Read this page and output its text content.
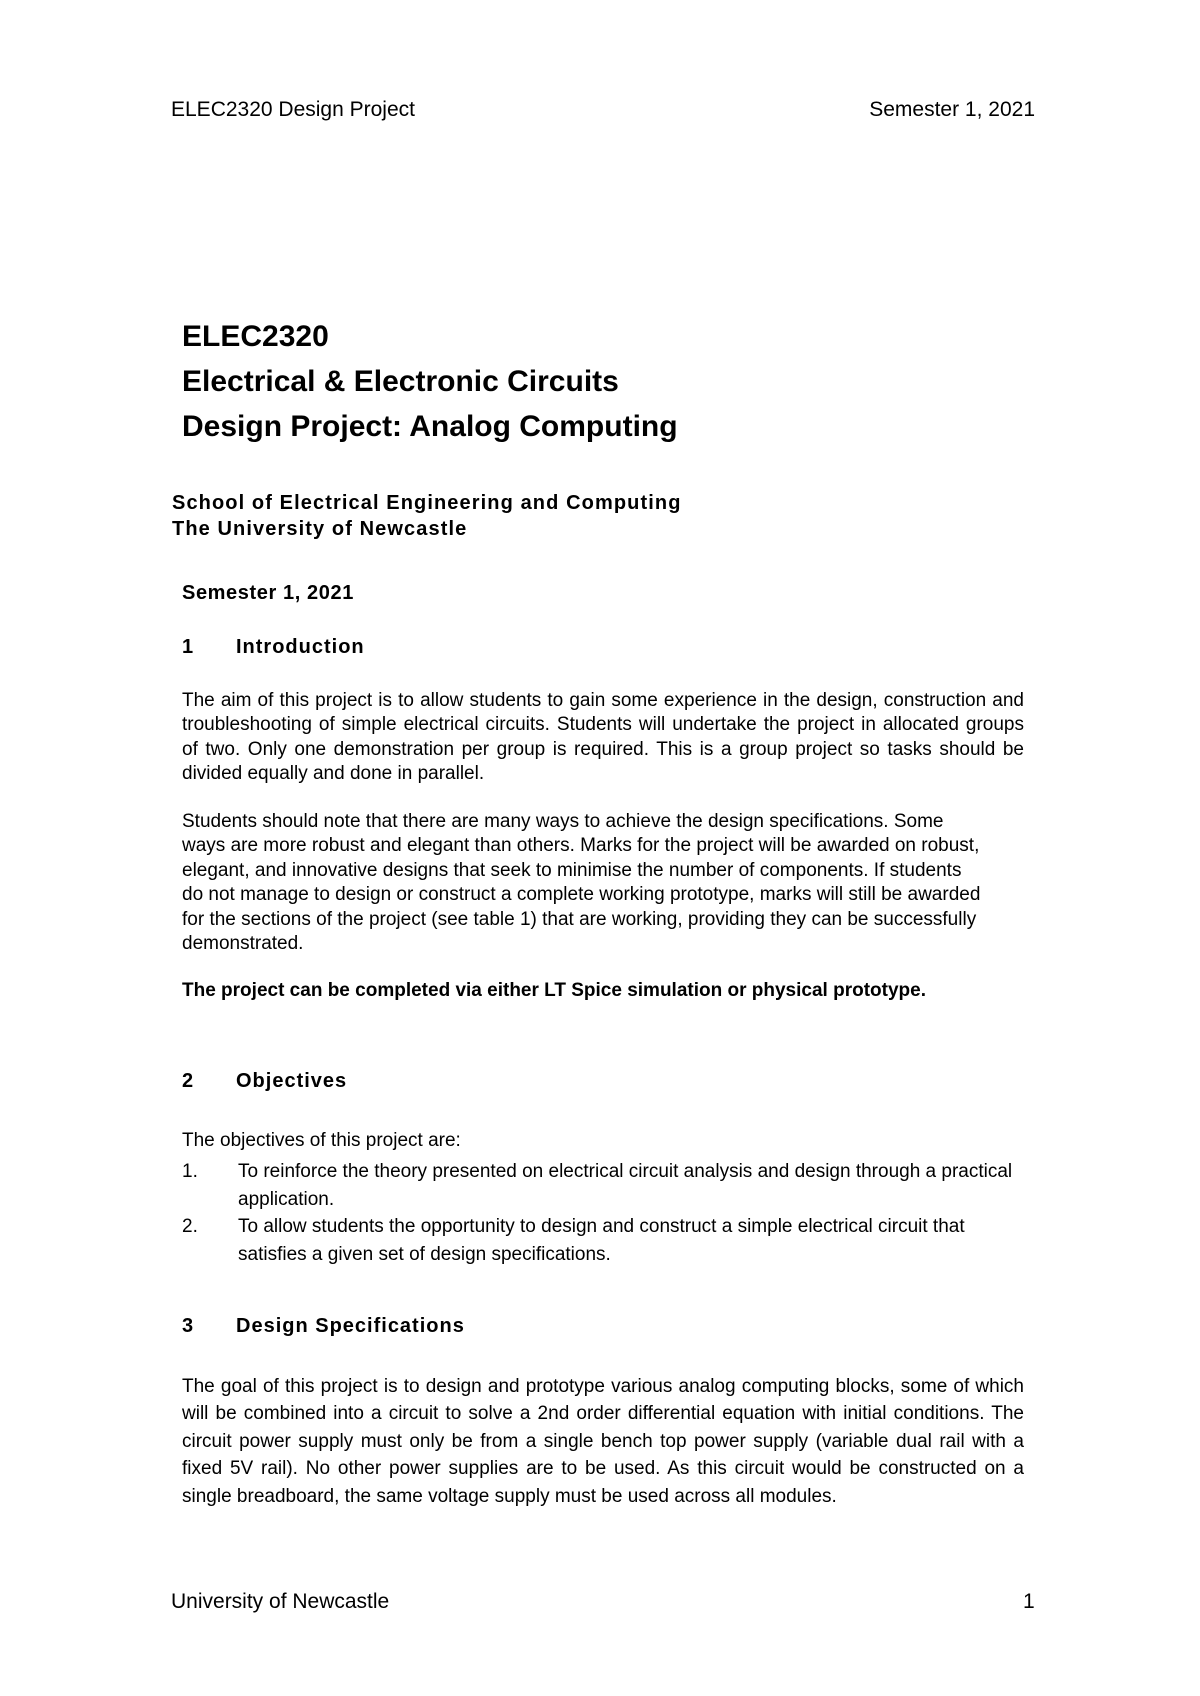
ELEC2320 Design Project	Semester 1, 2021
ELEC2320
Electrical & Electronic Circuits
Design Project: Analog Computing
School of Electrical Engineering and Computing
The University of Newcastle
Semester 1, 2021
1 Introduction
The aim of this project is to allow students to gain some experience in the design, construction and troubleshooting of simple electrical circuits. Students will undertake the project in allocated groups of two. Only one demonstration per group is required. This is a group project so tasks should be divided equally and done in parallel.
Students should note that there are many ways to achieve the design specifications. Some ways are more robust and elegant than others. Marks for the project will be awarded on robust, elegant, and innovative designs that seek to minimise the number of components. If students do not manage to design or construct a complete working prototype, marks will still be awarded for the sections of the project (see table 1) that are working, providing they can be successfully demonstrated.
The project can be completed via either LT Spice simulation or physical prototype.
2 Objectives
The objectives of this project are:
1. To reinforce the theory presented on electrical circuit analysis and design through a practical application.
2. To allow students the opportunity to design and construct a simple electrical circuit that satisfies a given set of design specifications.
3 Design Specifications
The goal of this project is to design and prototype various analog computing blocks, some of which will be combined into a circuit to solve a 2nd order differential equation with initial conditions. The circuit power supply must only be from a single bench top power supply (variable dual rail with a fixed 5V rail). No other power supplies are to be used. As this circuit would be constructed on a single breadboard, the same voltage supply must be used across all modules.
University of Newcastle	1
